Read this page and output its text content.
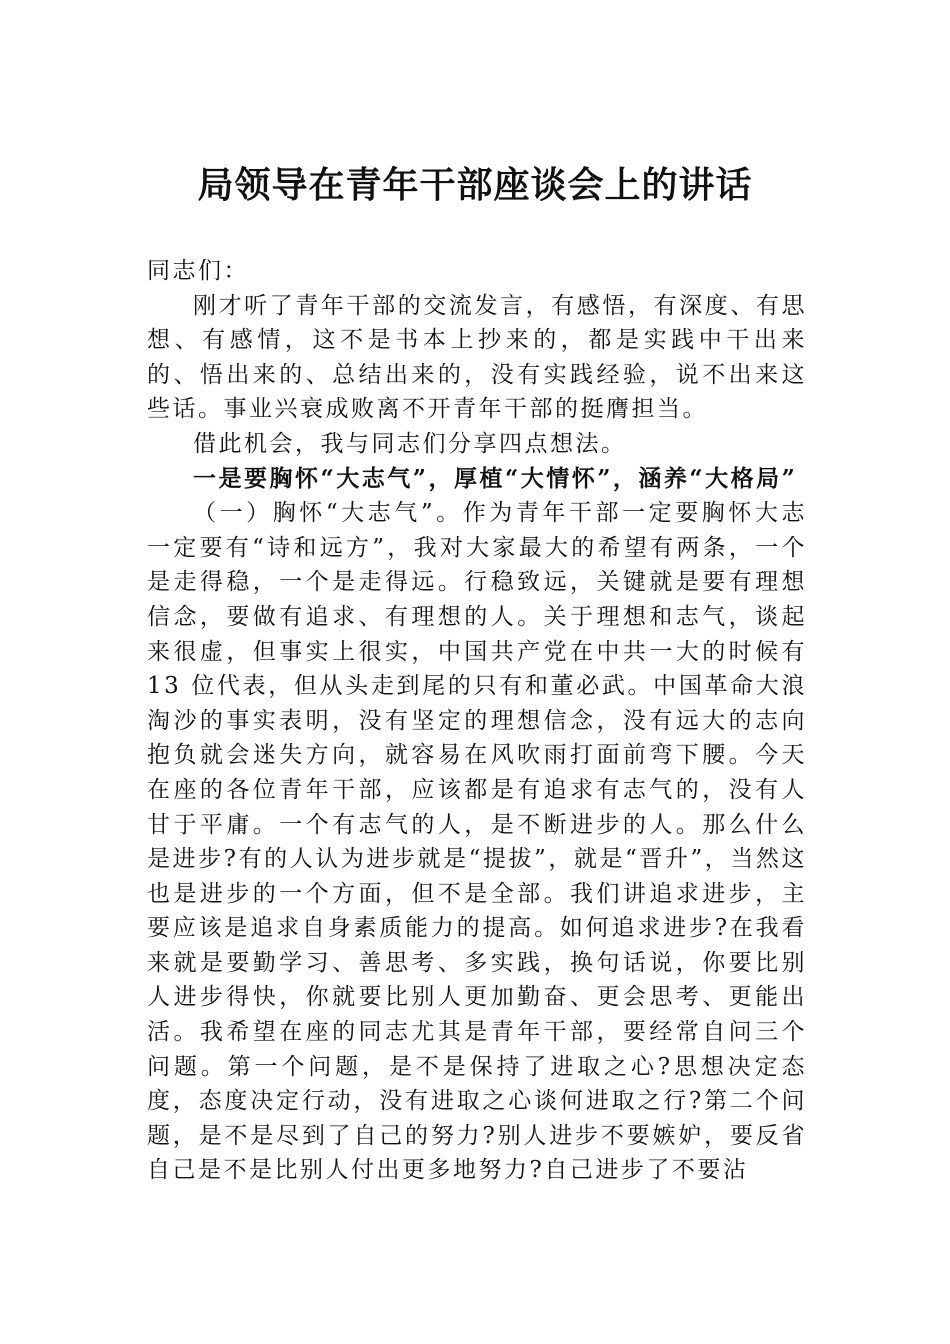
局领导在青年干部座谈会上的讲话

同志们：

刚才听了青年干部的交流发言，有感悟，有深度、有思想、有感情，这不是书本上抄来的，都是实践中干出来的、悟出来的、总结出来的，没有实践经验，说不出来这些话。事业兴衰成败离不开青年干部的挺膺担当。

借此机会，我与同志们分享四点想法。

一是要胸怀“大志气”，厚植“大情怀”，涵养“大格局”

（一）胸怀“大志气”。作为青年干部一定要胸怀大志一定要有“诗和远方”，我对大家最大的希望有两条，一个是走得稳，一个是走得远。行稳致远，关键就是要有理想信念，要做有追求、有理想的人。关于理想和志气，谈起来很虚，但事实上很实，中国共产党在中共一大的时候有 13 位代表，但从头走到尾的只有和董必武。中国革命大浪淘沙的事实表明，没有坚定的理想信念，没有远大的志向抱负就会迷失方向，就容易在风吹雨打面前弯下腰。今天在座的各位青年干部，应该都是有追求有志气的，没有人甘于平庸。一个有志气的人，是不断进步的人。那么什么是进步?有的人认为进步就是“提拔”，就是“晋升”，当然这也是进步的一个方面，但不是全部。我们讲追求进步，主要应该是追求自身素质能力的提高。如何追求进步?在我看来就是要勤学习、善思考、多实践，换句话说，你要比别人进步得快，你就要比别人更加勤奋、更会思考、更能出活。我希望在座的同志尤其是青年干部，要经常自问三个问题。第一个问题，是不是保持了进取之心?思想决定态度，态度决定行动，没有进取之心谈何进取之行?第二个问题，是不是尽到了自己的努力?别人进步不要嫉妒，要反省自己是不是比别人付出更多地努力?自己进步了不要沾
